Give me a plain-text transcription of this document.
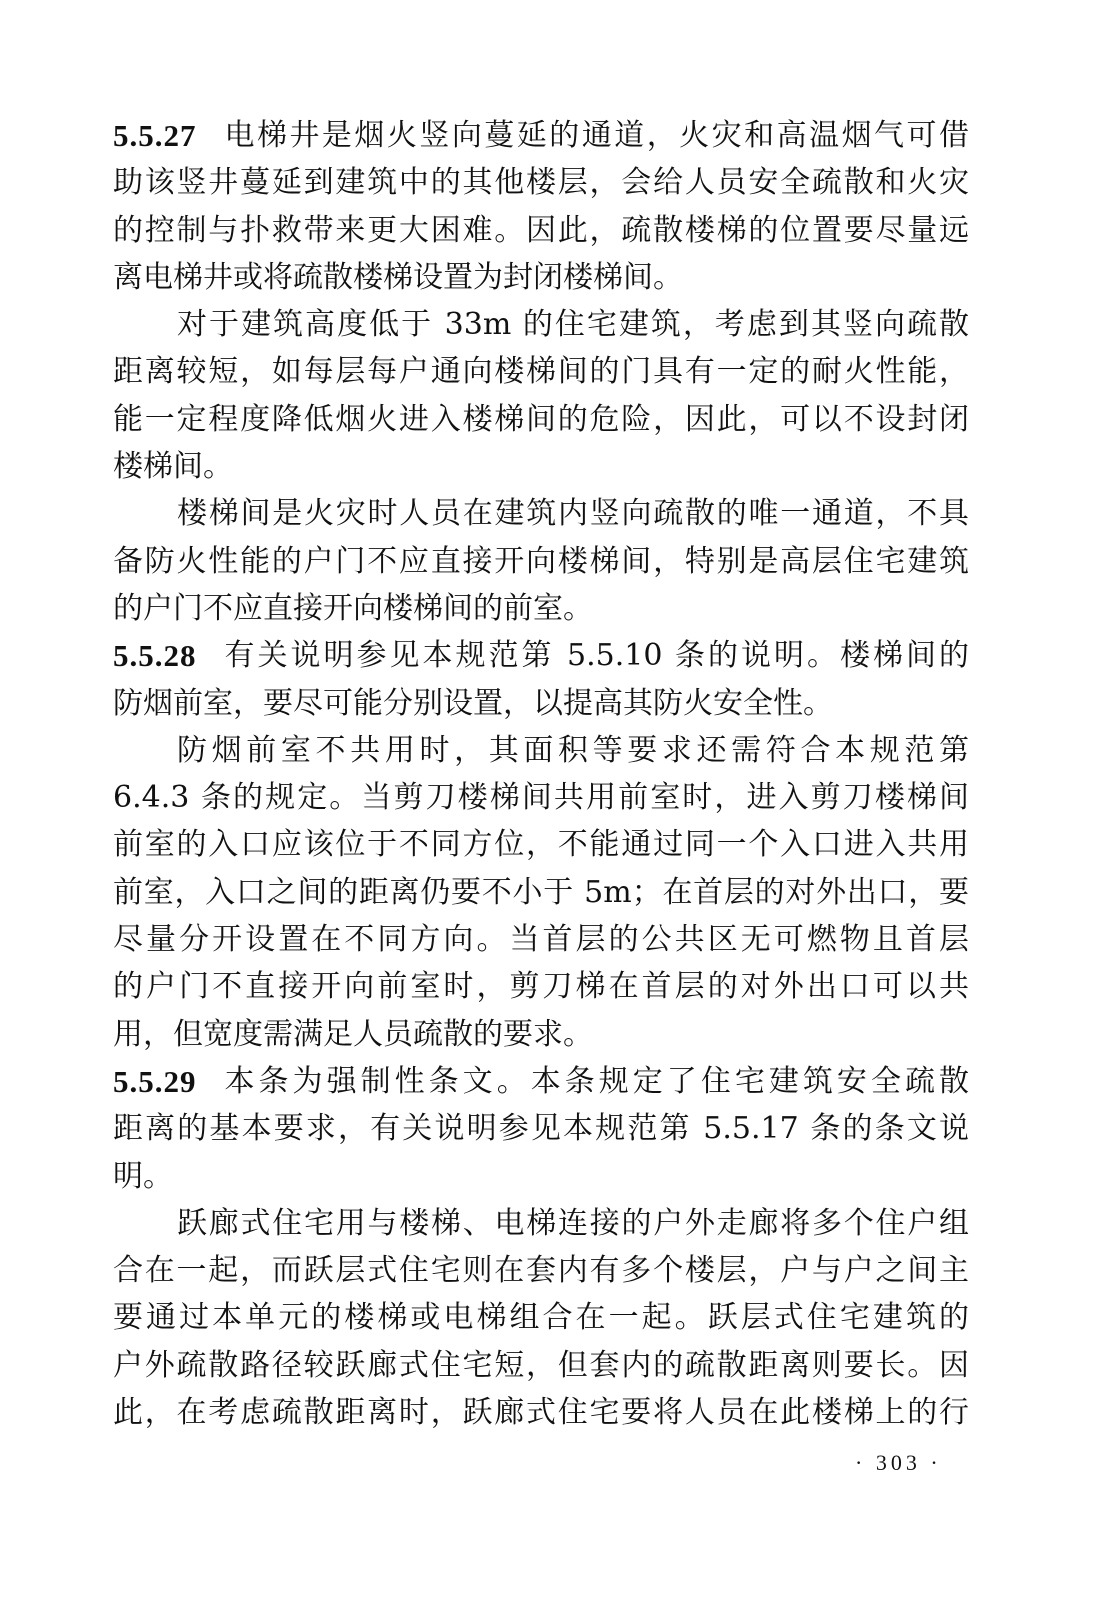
5.5.27 电梯井是烟火竖向蔓延的通道，火灾和高温烟气可借
助该竖井蔓延到建筑中的其他楼层，会给人员安全疏散和火灾
的控制与扑救带来更大困难。因此，疏散楼梯的位置要尽量远
离电梯井或将疏散楼梯设置为封闭楼梯间。
对于建筑高度低于 33m 的住宅建筑，考虑到其竖向疏散
距离较短，如每层每户通向楼梯间的门具有一定的耐火性能，
能一定程度降低烟火进入楼梯间的危险，因此，可以不设封闭
楼梯间。
楼梯间是火灾时人员在建筑内竖向疏散的唯一通道，不具
备防火性能的户门不应直接开向楼梯间，特别是高层住宅建筑
的户门不应直接开向楼梯间的前室。
5.5.28 有关说明参见本规范第 5.5.10 条的说明。楼梯间的
防烟前室，要尽可能分别设置，以提高其防火安全性。
防烟前室不共用时，其面积等要求还需符合本规范第
6.4.3 条的规定。当剪刀楼梯间共用前室时，进入剪刀楼梯间
前室的入口应该位于不同方位，不能通过同一个入口进入共用
前室，入口之间的距离仍要不小于 5m；在首层的对外出口，要
尽量分开设置在不同方向。当首层的公共区无可燃物且首层
的户门不直接开向前室时，剪刀梯在首层的对外出口可以共
用，但宽度需满足人员疏散的要求。
5.5.29 本条为强制性条文。本条规定了住宅建筑安全疏散
距离的基本要求，有关说明参见本规范第 5.5.17 条的条文说
明。
跃廊式住宅用与楼梯、电梯连接的户外走廊将多个住户组
合在一起，而跃层式住宅则在套内有多个楼层，户与户之间主
要通过本单元的楼梯或电梯组合在一起。跃层式住宅建筑的
户外疏散路径较跃廊式住宅短，但套内的疏散距离则要长。因
此，在考虑疏散距离时，跃廊式住宅要将人员在此楼梯上的行
· 303 ·
